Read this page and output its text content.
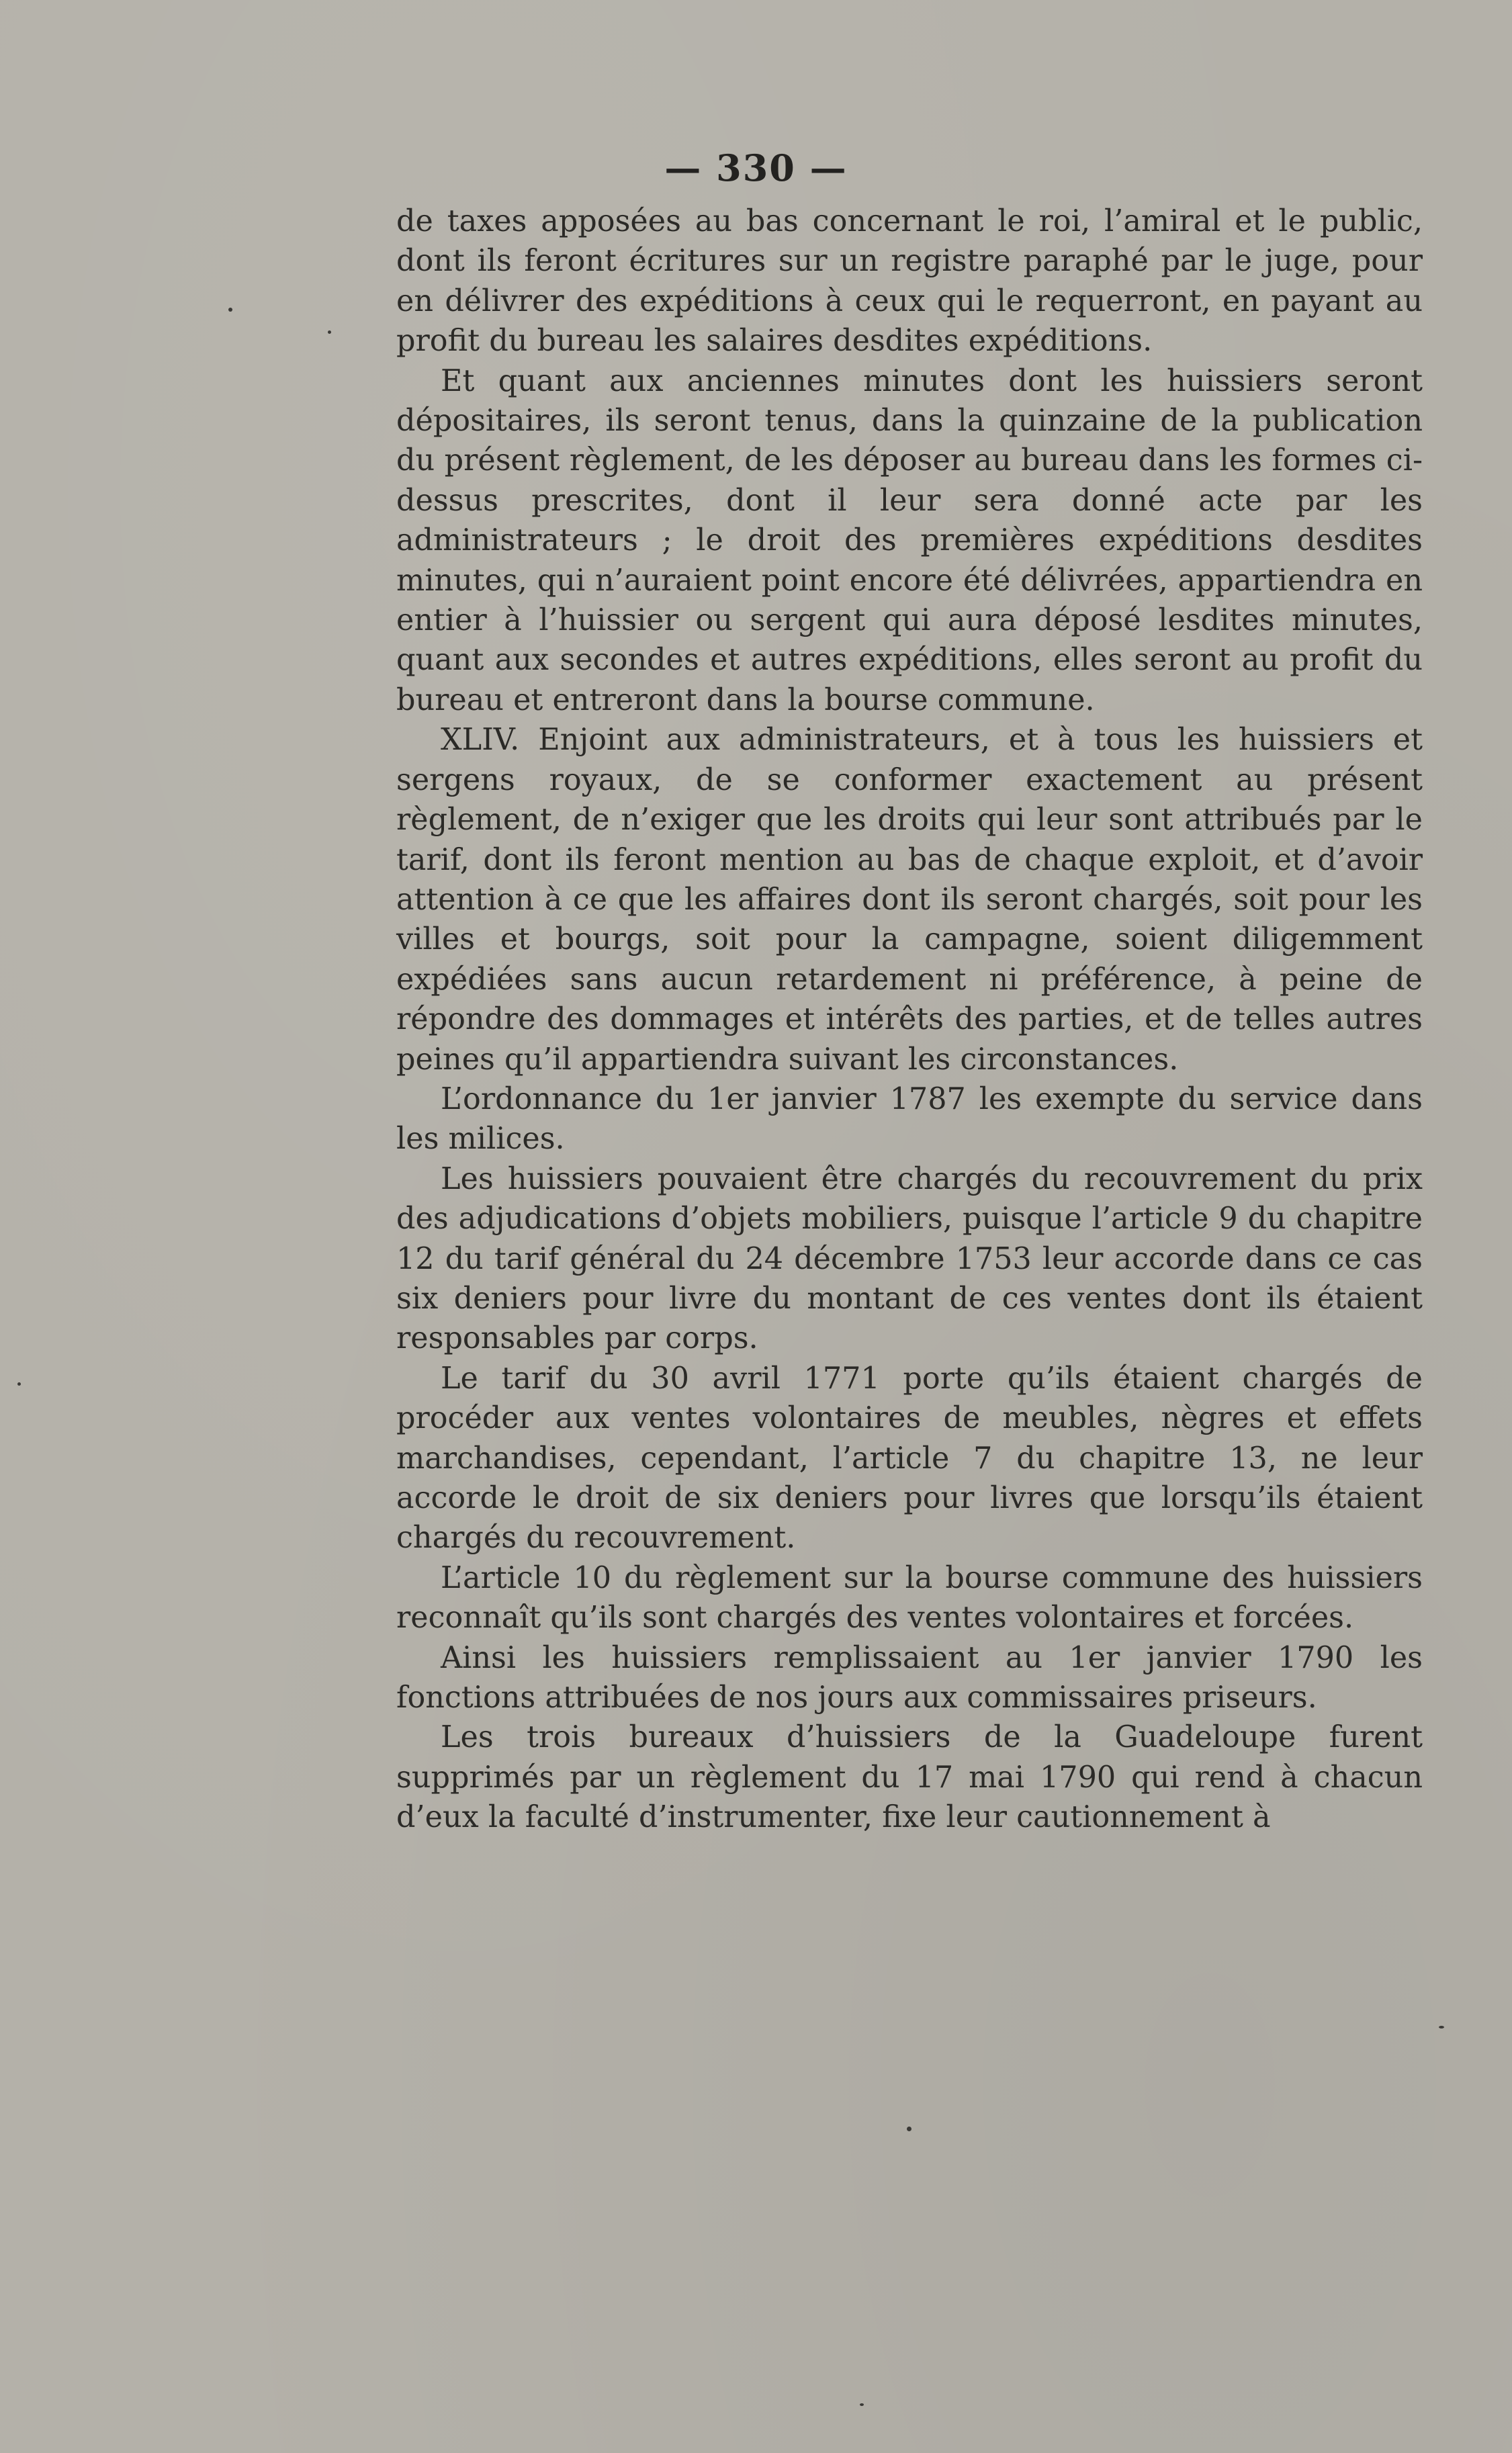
— 330 —

de taxes apposées au bas concernant le roi, l’amiral et le public, dont ils feront écritures sur un registre paraphé par le juge, pour en délivrer des expéditions à ceux qui le requerront, en payant au profit du bureau les salaires desdites expéditions.

Et quant aux anciennes minutes dont les huissiers seront dépositaires, ils seront tenus, dans la quinzaine de la publication du présent règlement, de les déposer au bureau dans les formes ci-dessus prescrites, dont il leur sera donné acte par les administrateurs ; le droit des premières expéditions desdites minutes, qui n’auraient point encore été délivrées, appartiendra en entier à l’huissier ou sergent qui aura déposé lesdites minutes, quant aux secondes et autres expéditions, elles seront au profit du bureau et entreront dans la bourse commune.

XLIV. Enjoint aux administrateurs, et à tous les huissiers et sergens royaux, de se conformer exactement au présent règlement, de n’exiger que les droits qui leur sont attribués par le tarif, dont ils feront mention au bas de chaque exploit, et d’avoir attention à ce que les affaires dont ils seront chargés, soit pour les villes et bourgs, soit pour la campagne, soient diligemment expédiées sans aucun retardement ni préférence, à peine de répondre des dommages et intérêts des parties, et de telles autres peines qu’il appartiendra suivant les circonstances.

L’ordonnance du 1er janvier 1787 les exempte du service dans les milices.

Les huissiers pouvaient être chargés du recouvrement du prix des adjudications d’objets mobiliers, puisque l’article 9 du chapitre 12 du tarif général du 24 décembre 1753 leur accorde dans ce cas six deniers pour livre du montant de ces ventes dont ils étaient responsables par corps.

Le tarif du 30 avril 1771 porte qu’ils étaient chargés de procéder aux ventes volontaires de meubles, nègres et effets marchandises, cependant, l’article 7 du chapitre 13, ne leur accorde le droit de six deniers pour livres que lorsqu’ils étaient chargés du recouvrement.

L’article 10 du règlement sur la bourse commune des huissiers reconnaît qu’ils sont chargés des ventes volontaires et forcées.

Ainsi les huissiers remplissaient au 1er janvier 1790 les fonctions attribuées de nos jours aux commissaires priseurs.

Les trois bureaux d’huissiers de la Guadeloupe furent supprimés par un règlement du 17 mai 1790 qui rend à chacun d’eux la faculté d’instrumenter, fixe leur cautionnement à
